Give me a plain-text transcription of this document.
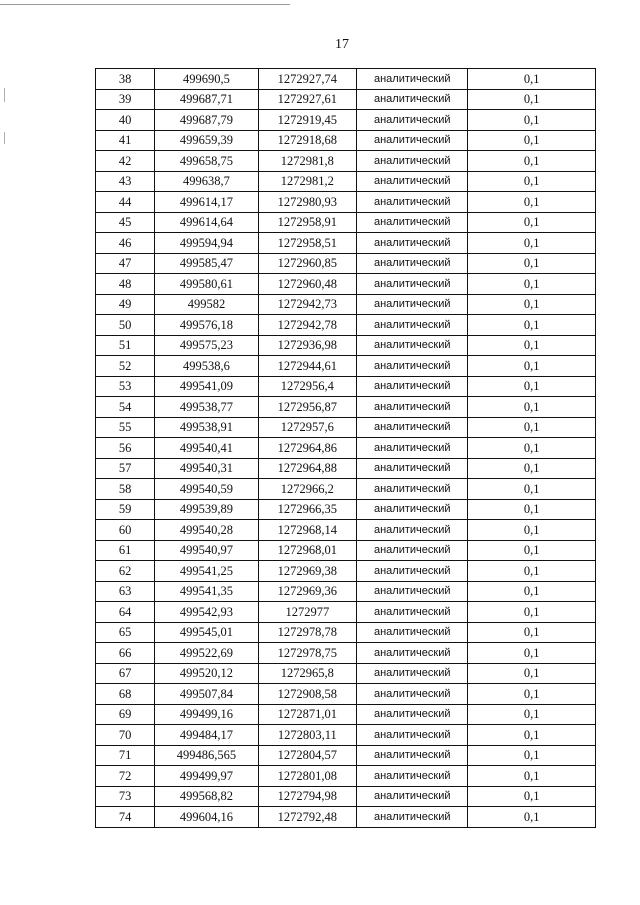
17
38	499690,5	1272927,74	аналитический	0,1
39	499687,71	1272927,61	аналитический	0,1
40	499687,79	1272919,45	аналитический	0,1
41	499659,39	1272918,68	аналитический	0,1
42	499658,75	1272981,8	аналитический	0,1
43	499638,7	1272981,2	аналитический	0,1
44	499614,17	1272980,93	аналитический	0,1
45	499614,64	1272958,91	аналитический	0,1
46	499594,94	1272958,51	аналитический	0,1
47	499585,47	1272960,85	аналитический	0,1
48	499580,61	1272960,48	аналитический	0,1
49	499582	1272942,73	аналитический	0,1
50	499576,18	1272942,78	аналитический	0,1
51	499575,23	1272936,98	аналитический	0,1
52	499538,6	1272944,61	аналитический	0,1
53	499541,09	1272956,4	аналитический	0,1
54	499538,77	1272956,87	аналитический	0,1
55	499538,91	1272957,6	аналитический	0,1
56	499540,41	1272964,86	аналитический	0,1
57	499540,31	1272964,88	аналитический	0,1
58	499540,59	1272966,2	аналитический	0,1
59	499539,89	1272966,35	аналитический	0,1
60	499540,28	1272968,14	аналитический	0,1
61	499540,97	1272968,01	аналитический	0,1
62	499541,25	1272969,38	аналитический	0,1
63	499541,35	1272969,36	аналитический	0,1
64	499542,93	1272977	аналитический	0,1
65	499545,01	1272978,78	аналитический	0,1
66	499522,69	1272978,75	аналитический	0,1
67	499520,12	1272965,8	аналитический	0,1
68	499507,84	1272908,58	аналитический	0,1
69	499499,16	1272871,01	аналитический	0,1
70	499484,17	1272803,11	аналитический	0,1
71	499486,565	1272804,57	аналитический	0,1
72	499499,97	1272801,08	аналитический	0,1
73	499568,82	1272794,98	аналитический	0,1
74	499604,16	1272792,48	аналитический	0,1
